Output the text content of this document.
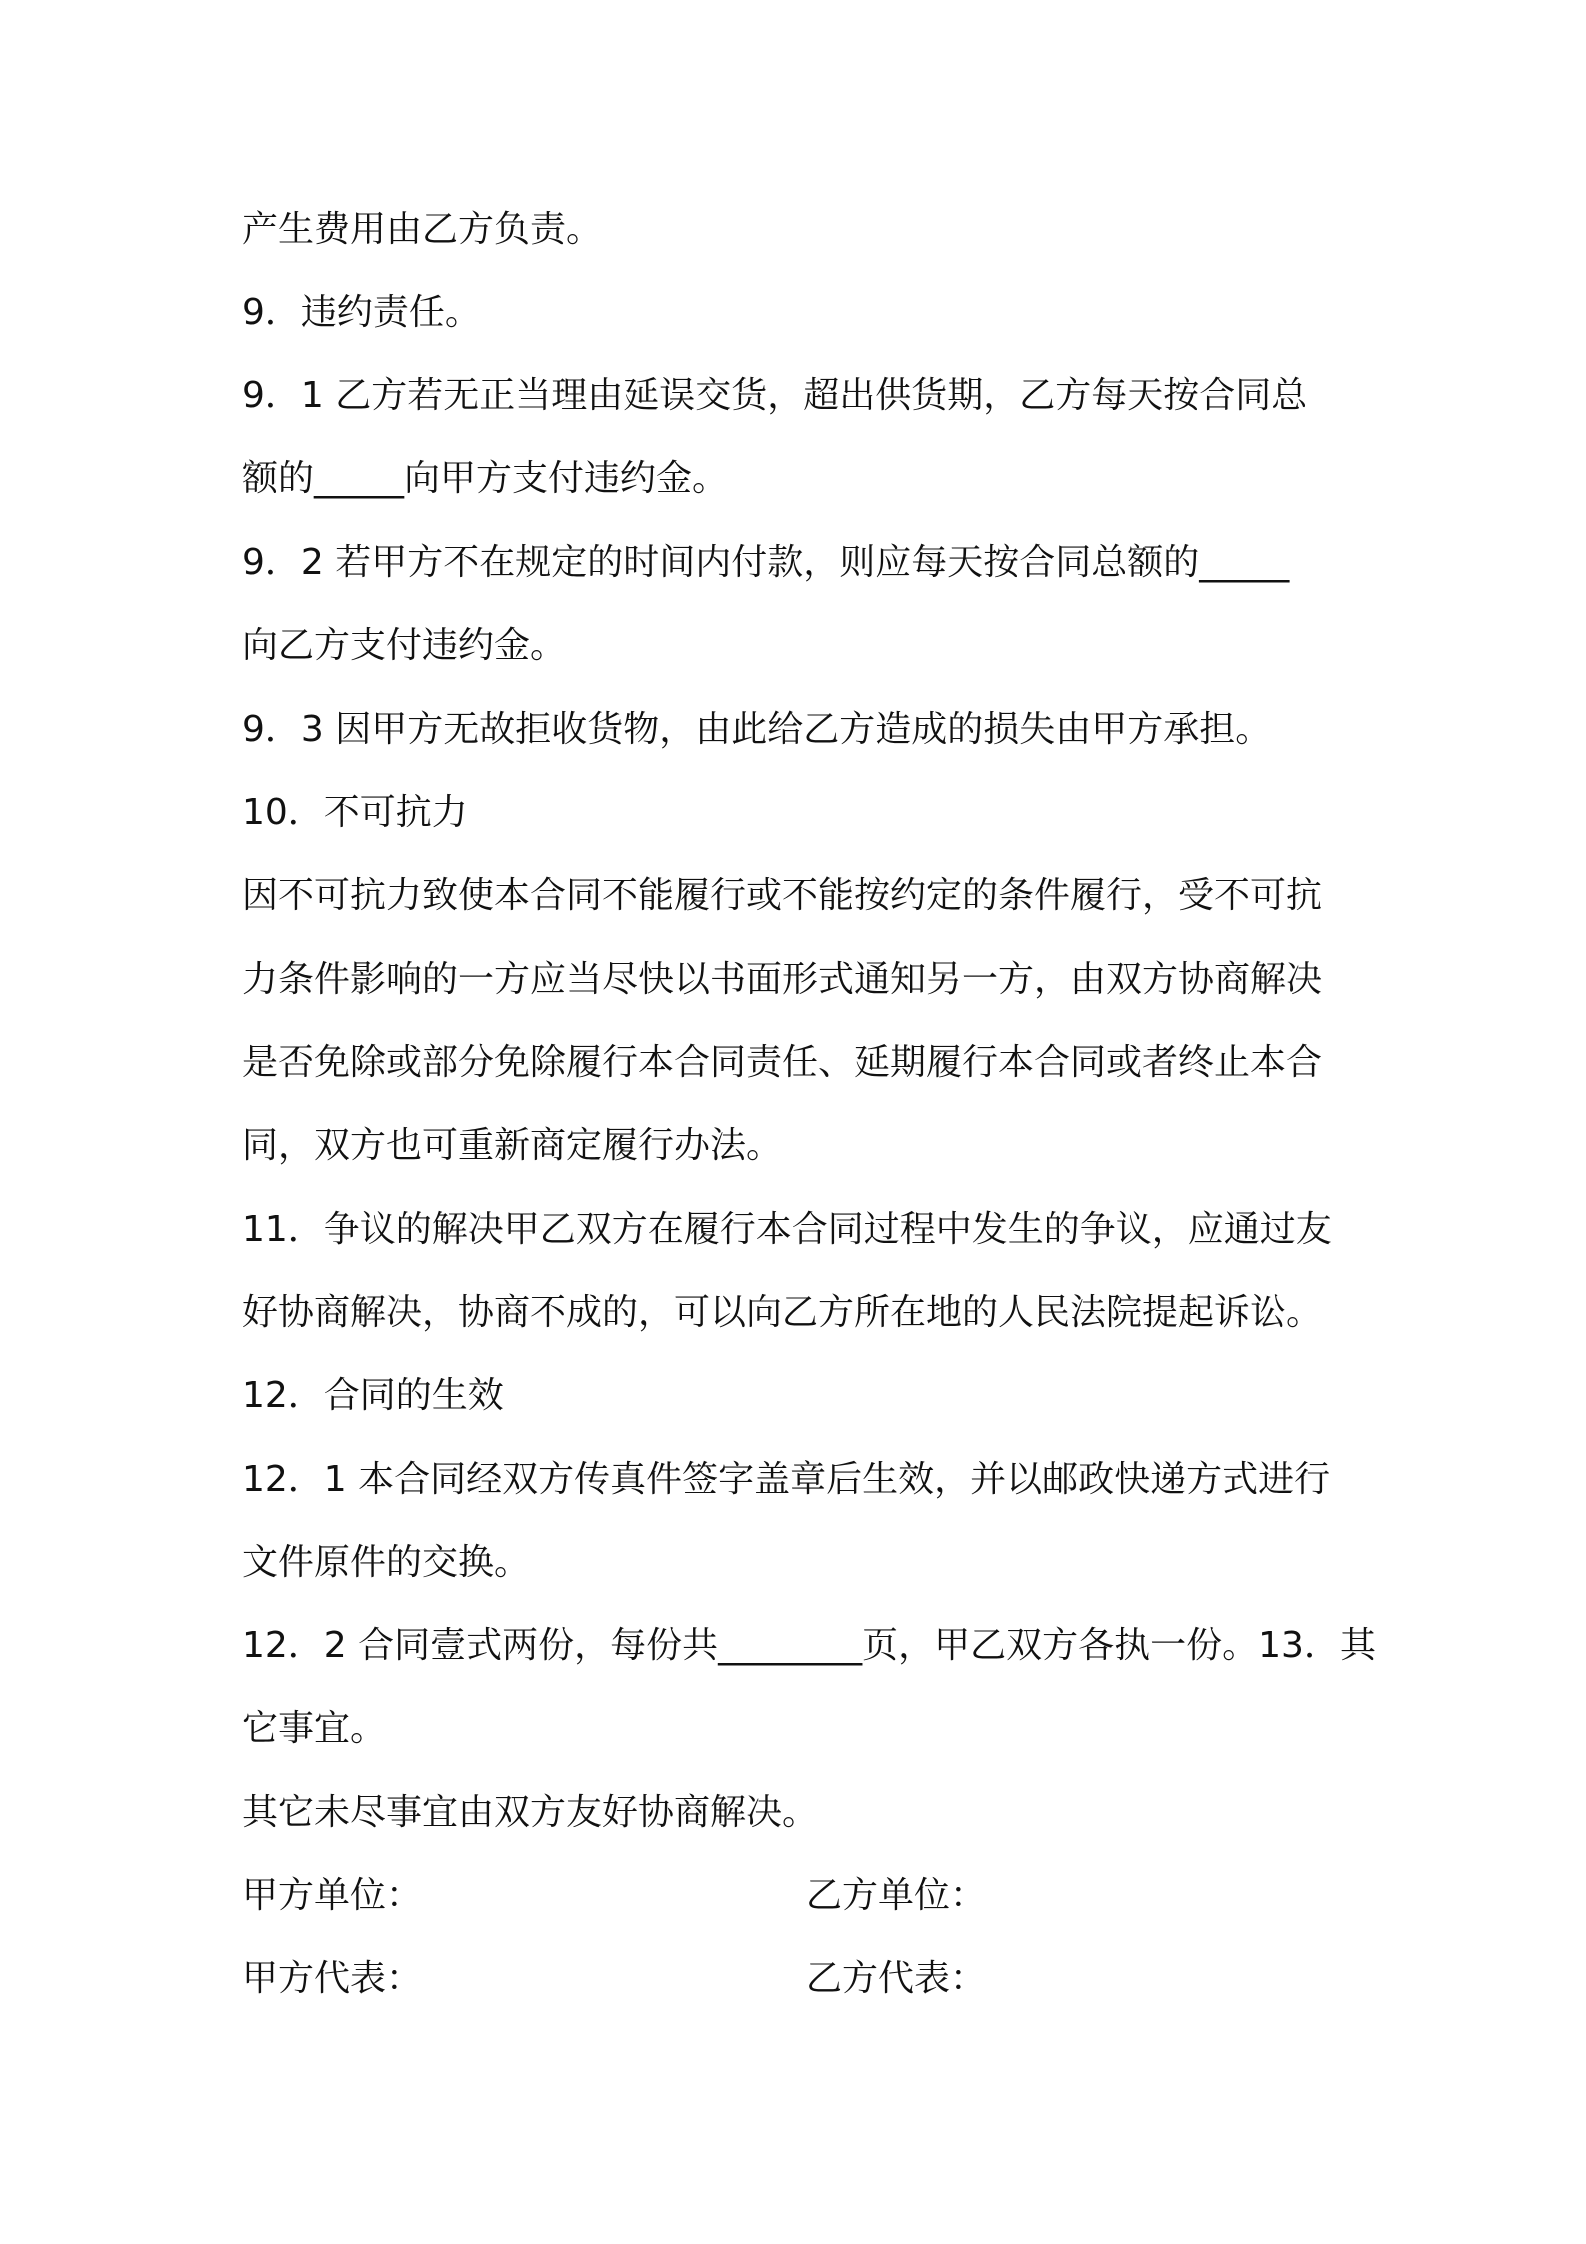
产生费用由乙方负责。
9．违约责任。
9．1 乙方若无正当理由延误交货，超出供货期，乙方每天按合同总
额的_____向甲方支付违约金。
9．2 若甲方不在规定的时间内付款，则应每天按合同总额的_____
向乙方支付违约金。
9．3 因甲方无故拒收货物，由此给乙方造成的损失由甲方承担。
10．不可抗力
因不可抗力致使本合同不能履行或不能按约定的条件履行，受不可抗
力条件影响的一方应当尽快以书面形式通知另一方，由双方协商解决
是否免除或部分免除履行本合同责任、延期履行本合同或者终止本合
同，双方也可重新商定履行办法。
11．争议的解决甲乙双方在履行本合同过程中发生的争议，应通过友
好协商解决，协商不成的，可以向乙方所在地的人民法院提起诉讼。
12．合同的生效
12．1 本合同经双方传真件签字盖章后生效，并以邮政快递方式进行
文件原件的交换。
12．2 合同壹式两份，每份共________页，甲乙双方各执一份。13．其
它事宜。
其它未尽事宜由双方友好协商解决。
甲方单位：	乙方单位：
甲方代表：	乙方代表：
